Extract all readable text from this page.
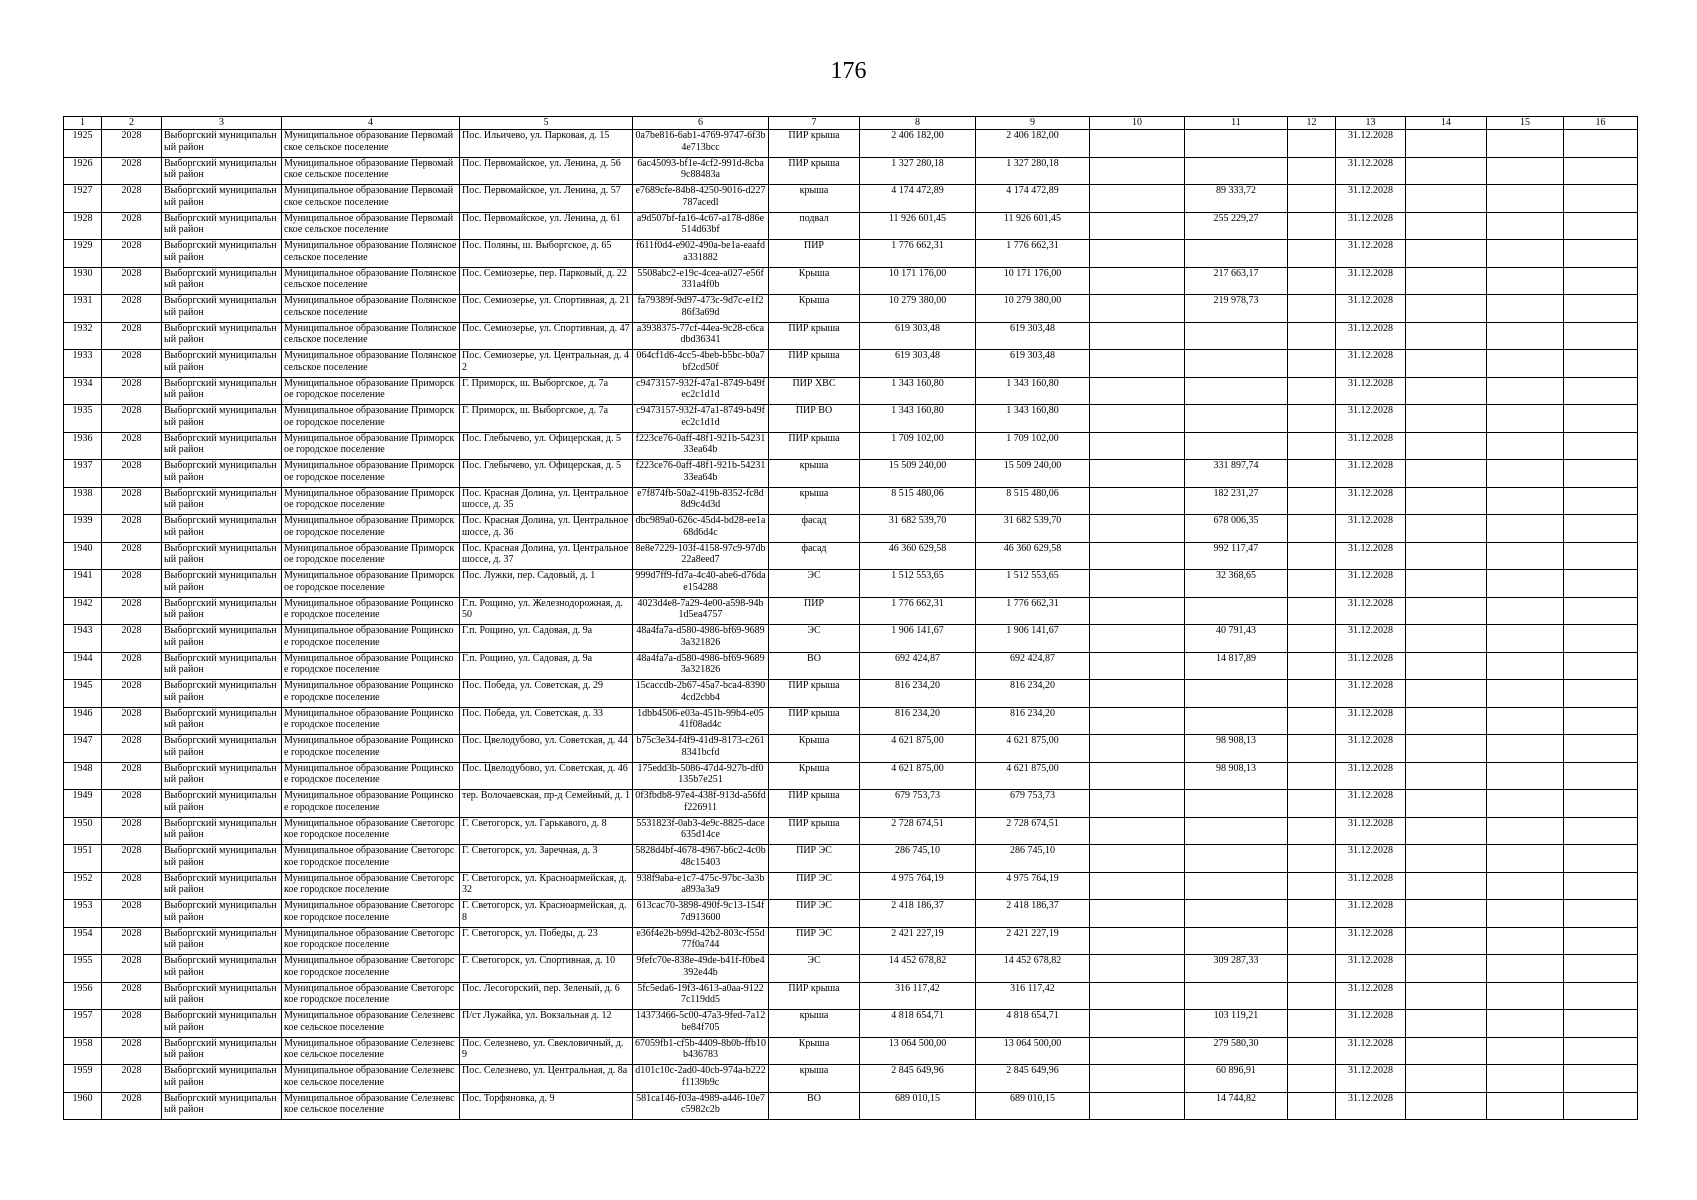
176
1	2	3	4	5	6	7	8	9	10	11	12	13	14	15	16
1925	2028	Выборгский муниципальный район	Муниципальное образование Первомайское сельское поселение	Пос. Ильичево, ул. Парковая, д. 15	0a7be816-6ab1-4769-9747-6f3b4e713bcc	ПИР крыша	2 406 182,00	2 406 182,00				31.12.2028			
1926	2028	Выборгский муниципальный район	Муниципальное образование Первомайское сельское поселение	Пос. Первомайское, ул. Ленина, д. 56	6ac45093-bf1e-4cf2-991d-8cba9c88483a	ПИР крыша	1 327 280,18	1 327 280,18				31.12.2028			
1927	2028	Выборгский муниципальный район	Муниципальное образование Первомайское сельское поселение	Пос. Первомайское, ул. Ленина, д. 57	e7689cfe-84b8-4250-9016-d227787acedl	крыша	4 174 472,89	4 174 472,89		89 333,72		31.12.2028			
1928	2028	Выборгский муниципальный район	Муниципальное образование Первомайское сельское поселение	Пос. Первомайское, ул. Ленина, д. 61	a9d507bf-fa16-4c67-a178-d86e514d63bf	подвал	11 926 601,45	11 926 601,45		255 229,27		31.12.2028			
1929	2028	Выборгский муниципальный район	Муниципальное образование Полянское сельское поселение	Пос. Поляны, ш. Выборгское, д. 65	f611f0d4-e902-490a-be1a-eaafda331882	ПИР	1 776 662,31	1 776 662,31				31.12.2028			
1930	2028	Выборгский муниципальный район	Муниципальное образование Полянское сельское поселение	Пос. Семиозерье, пер. Парковый, д. 22	5508abc2-e19c-4cea-a027-e56f331a4f0b	Крыша	10 171 176,00	10 171 176,00		217 663,17		31.12.2028			
1931	2028	Выборгский муниципальный район	Муниципальное образование Полянское сельское поселение	Пос. Семиозерье, ул. Спортивная, д. 21	fa79389f-9d97-473c-9d7c-e1f286f3a69d	Крыша	10 279 380,00	10 279 380,00		219 978,73		31.12.2028			
1932	2028	Выборгский муниципальный район	Муниципальное образование Полянское сельское поселение	Пос. Семиозерье, ул. Спортивная, д. 47	a3938375-77cf-44ea-9c28-c6cadbd36341	ПИР крыша	619 303,48	619 303,48				31.12.2028			
1933	2028	Выборгский муниципальный район	Муниципальное образование Полянское сельское поселение	Пос. Семиозерье, ул. Центральная, д. 42	064cf1d6-4cc5-4beb-b5bc-b0a7bf2cd50f	ПИР крыша	619 303,48	619 303,48				31.12.2028			
1934	2028	Выборгский муниципальный район	Муниципальное образование Приморское городское поселение	Г. Приморск, ш. Выборгское, д. 7а	c9473157-932f-47a1-8749-b49fec2c1d1d	ПИР ХВС	1 343 160,80	1 343 160,80				31.12.2028			
1935	2028	Выборгский муниципальный район	Муниципальное образование Приморское городское поселение	Г. Приморск, ш. Выборгское, д. 7а	c9473157-932f-47a1-8749-b49fec2c1d1d	ПИР ВО	1 343 160,80	1 343 160,80				31.12.2028			
1936	2028	Выборгский муниципальный район	Муниципальное образование Приморское городское поселение	Пос. Глебычево, ул. Офицерская, д. 5	f223ce76-0aff-48f1-921b-5423133ea64b	ПИР крыша	1 709 102,00	1 709 102,00				31.12.2028			
1937	2028	Выборгский муниципальный район	Муниципальное образование Приморское городское поселение	Пос. Глебычево, ул. Офицерская, д. 5	f223ce76-0aff-48f1-921b-5423133ea64b	крыша	15 509 240,00	15 509 240,00		331 897,74		31.12.2028			
1938	2028	Выборгский муниципальный район	Муниципальное образование Приморское городское поселение	Пос. Красная Долина, ул. Центральное шоссе, д. 35	e7f874fb-50a2-419b-8352-fc8d8d9c4d3d	крыша	8 515 480,06	8 515 480,06		182 231,27		31.12.2028			
1939	2028	Выборгский муниципальный район	Муниципальное образование Приморское городское поселение	Пос. Красная Долина, ул. Центральное шоссе, д. 36	dbc989a0-626c-45d4-bd28-ee1a68d6d4c	фасад	31 682 539,70	31 682 539,70		678 006,35		31.12.2028			
1940	2028	Выборгский муниципальный район	Муниципальное образование Приморское городское поселение	Пос. Красная Долина, ул. Центральное шоссе, д. 37	8e8e7229-103f-4158-97c9-97db22a8eed7	фасад	46 360 629,58	46 360 629,58		992 117,47		31.12.2028			
1941	2028	Выборгский муниципальный район	Муниципальное образование Приморское городское поселение	Пос. Лужки, пер. Садовый, д. 1	999d7ff9-fd7a-4c40-abe6-d76dae154288	ЭС	1 512 553,65	1 512 553,65		32 368,65		31.12.2028			
1942	2028	Выборгский муниципальный район	Муниципальное образование Рощинское городское поселение	Г.п. Рощино, ул. Железнодорожная, д. 50	4023d4e8-7a29-4e00-a598-94b1d5ea4757	ПИР	1 776 662,31	1 776 662,31				31.12.2028			
1943	2028	Выборгский муниципальный район	Муниципальное образование Рощинское городское поселение	Г.п. Рощино, ул. Садовая, д. 9а	48a4fa7a-d580-4986-bf69-96893a321826	ЭС	1 906 141,67	1 906 141,67		40 791,43		31.12.2028			
1944	2028	Выборгский муниципальный район	Муниципальное образование Рощинское городское поселение	Г.п. Рощино, ул. Садовая, д. 9а	48a4fa7a-d580-4986-bf69-96893a321826	ВО	692 424,87	692 424,87		14 817,89		31.12.2028			
1945	2028	Выборгский муниципальный район	Муниципальное образование Рощинское городское поселение	Пос. Победа, ул. Советская, д. 29	15caccdb-2b67-45a7-bca4-83904cd2cbb4	ПИР крыша	816 234,20	816 234,20				31.12.2028			
1946	2028	Выборгский муниципальный район	Муниципальное образование Рощинское городское поселение	Пос. Победа, ул. Советская, д. 33	1dbb4506-e03a-451b-99b4-e0541f08ad4c	ПИР крыша	816 234,20	816 234,20				31.12.2028			
1947	2028	Выборгский муниципальный район	Муниципальное образование Рощинское городское поселение	Пос. Цвелодубово, ул. Советская, д. 44	b75c3e34-f4f9-41d9-8173-c2618341bcfd	Крыша	4 621 875,00	4 621 875,00		98 908,13		31.12.2028			
1948	2028	Выборгский муниципальный район	Муниципальное образование Рощинское городское поселение	Пос. Цвелодубово, ул. Советская, д. 46	175edd3b-5086-47d4-927b-df0135b7e251	Крыша	4 621 875,00	4 621 875,00		98 908,13		31.12.2028			
1949	2028	Выборгский муниципальный район	Муниципальное образование Рощинское городское поселение	тер. Волочаевская, пр-д Семейный, д. 1	0f3fbdb8-97e4-438f-913d-a56fdf226911	ПИР крыша	679 753,73	679 753,73				31.12.2028			
1950	2028	Выборгский муниципальный район	Муниципальное образование Светогорское городское поселение	Г. Светогорск, ул. Гарькавого, д. 8	5531823f-0ab3-4e9c-8825-dace635d14ce	ПИР крыша	2 728 674,51	2 728 674,51				31.12.2028			
1951	2028	Выборгский муниципальный район	Муниципальное образование Светогорское городское поселение	Г. Светогорск, ул. Заречная, д. 3	5828d4bf-4678-4967-b6c2-4c0b48c15403	ПИР ЭС	286 745,10	286 745,10				31.12.2028			
1952	2028	Выборгский муниципальный район	Муниципальное образование Светогорское городское поселение	Г. Светогорск, ул. Красноармейская, д. 32	938f9aba-e1c7-475c-97bc-3a3ba893a3a9	ПИР ЭС	4 975 764,19	4 975 764,19				31.12.2028			
1953	2028	Выборгский муниципальный район	Муниципальное образование Светогорское городское поселение	Г. Светогорск, ул. Красноармейская, д. 8	613cac70-3898-490f-9c13-154f7d913600	ПИР ЭС	2 418 186,37	2 418 186,37				31.12.2028			
1954	2028	Выборгский муниципальный район	Муниципальное образование Светогорское городское поселение	Г. Светогорск, ул. Победы, д. 23	e36f4e2b-b99d-42b2-803c-f55d77f0a744	ПИР ЭС	2 421 227,19	2 421 227,19				31.12.2028			
1955	2028	Выборгский муниципальный район	Муниципальное образование Светогорское городское поселение	Г. Светогорск, ул. Спортивная, д. 10	9fefc70e-838e-49de-b41f-f0be4392e44b	ЭС	14 452 678,82	14 452 678,82		309 287,33		31.12.2028			
1956	2028	Выборгский муниципальный район	Муниципальное образование Светогорское городское поселение	Пос. Лесогорский, пер. Зеленый, д. 6	5fc5eda6-19f3-4613-a0aa-91227c119dd5	ПИР крыша	316 117,42	316 117,42				31.12.2028			
1957	2028	Выборгский муниципальный район	Муниципальное образование Селезневское сельское поселение	П/ст Лужайка, ул. Вокзальная д. 12	14373466-5c00-47a3-9fed-7a12be84f705	крыша	4 818 654,71	4 818 654,71		103 119,21		31.12.2028			
1958	2028	Выборгский муниципальный район	Муниципальное образование Селезневское сельское поселение	Пос. Селезнево, ул. Свекловичный, д. 9	67059fb1-cf5b-4409-8b0b-ffb10b436783	Крыша	13 064 500,00	13 064 500,00		279 580,30		31.12.2028			
1959	2028	Выборгский муниципальный район	Муниципальное образование Селезневское сельское поселение	Пос. Селезнево, ул. Центральная, д. 8а	d101c10c-2ad0-40cb-974a-b222f1139b9c	крыша	2 845 649,96	2 845 649,96		60 896,91		31.12.2028			
1960	2028	Выборгский муниципальный район	Муниципальное образование Селезневское сельское поселение	Пос. Торфяновка, д. 9	581ca146-f03a-4989-a446-10e7c5982c2b	ВО	689 010,15	689 010,15		14 744,82		31.12.2028			
